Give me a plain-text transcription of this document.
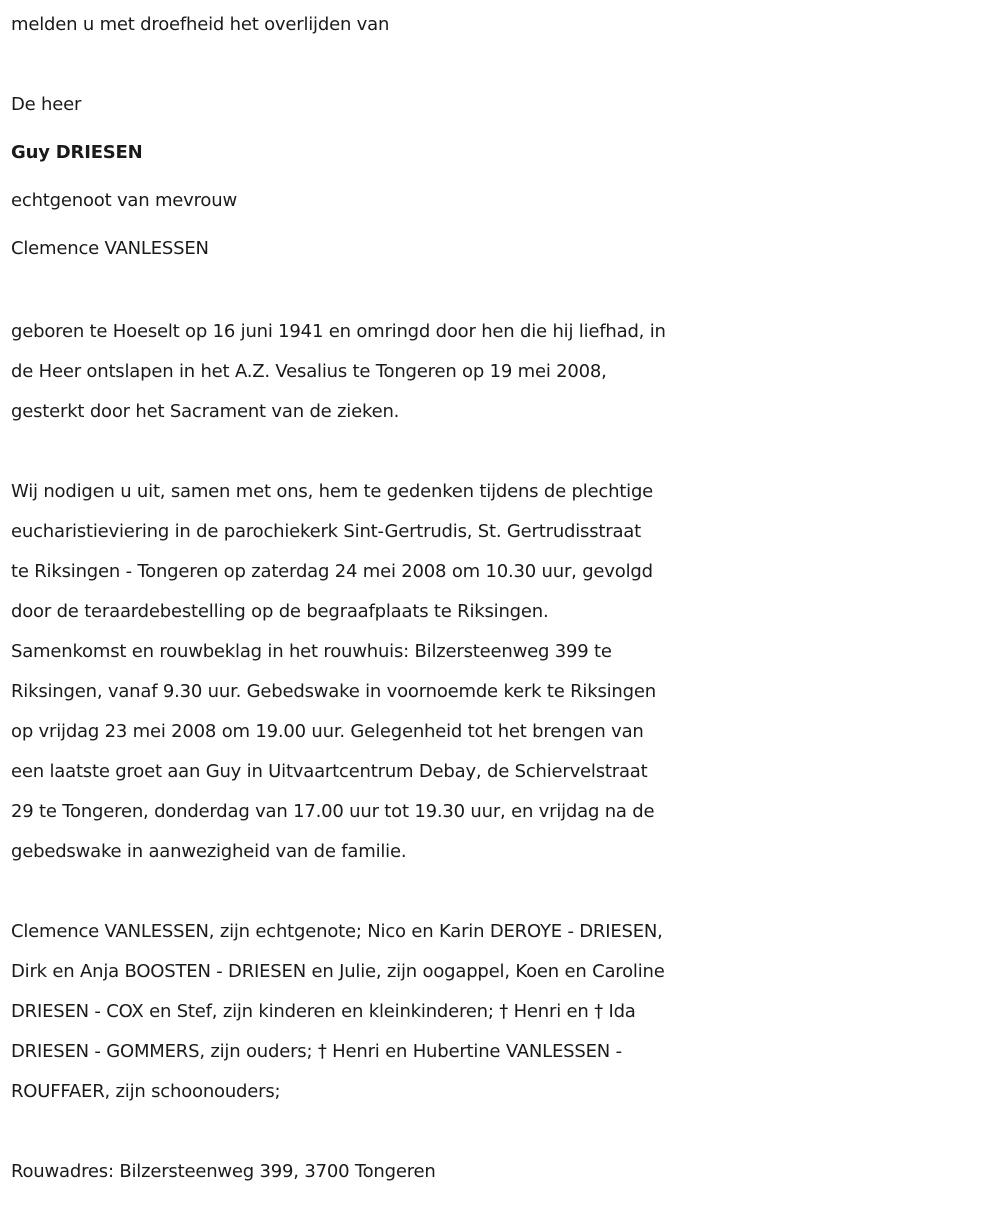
melden u met droefheid het overlijden van
De heer
Guy DRIESEN
echtgenoot van mevrouw
Clemence VANLESSEN
geboren te Hoeselt op 16 juni 1941 en omringd door hen die hij liefhad, in
de Heer ontslapen in het A.Z. Vesalius te Tongeren op 19 mei 2008,
gesterkt door het Sacrament van de zieken.
Wij nodigen u uit, samen met ons, hem te gedenken tijdens de plechtige
eucharistieviering in de parochiekerk Sint-Gertrudis, St. Gertrudisstraat
te Riksingen - Tongeren op zaterdag 24 mei 2008 om 10.30 uur, gevolgd
door de teraardebestelling op de begraafplaats te Riksingen.
Samenkomst en rouwbeklag in het rouwhuis: Bilzersteenweg 399 te
Riksingen, vanaf 9.30 uur. Gebedswake in voornoemde kerk te Riksingen
op vrijdag 23 mei 2008 om 19.00 uur. Gelegenheid tot het brengen van
een laatste groet aan Guy in Uitvaartcentrum Debay, de Schiervelstraat
29 te Tongeren, donderdag van 17.00 uur tot 19.30 uur, en vrijdag na de
gebedswake in aanwezigheid van de familie.
Clemence VANLESSEN, zijn echtgenote; Nico en Karin DEROYE - DRIESEN,
Dirk en Anja BOOSTEN - DRIESEN en Julie, zijn oogappel, Koen en Caroline
DRIESEN - COX en Stef, zijn kinderen en kleinkinderen; † Henri en † Ida
DRIESEN - GOMMERS, zijn ouders; † Henri en Hubertine VANLESSEN -
ROUFFAER, zijn schoonouders;
Rouwadres: Bilzersteenweg 399, 3700 Tongeren
